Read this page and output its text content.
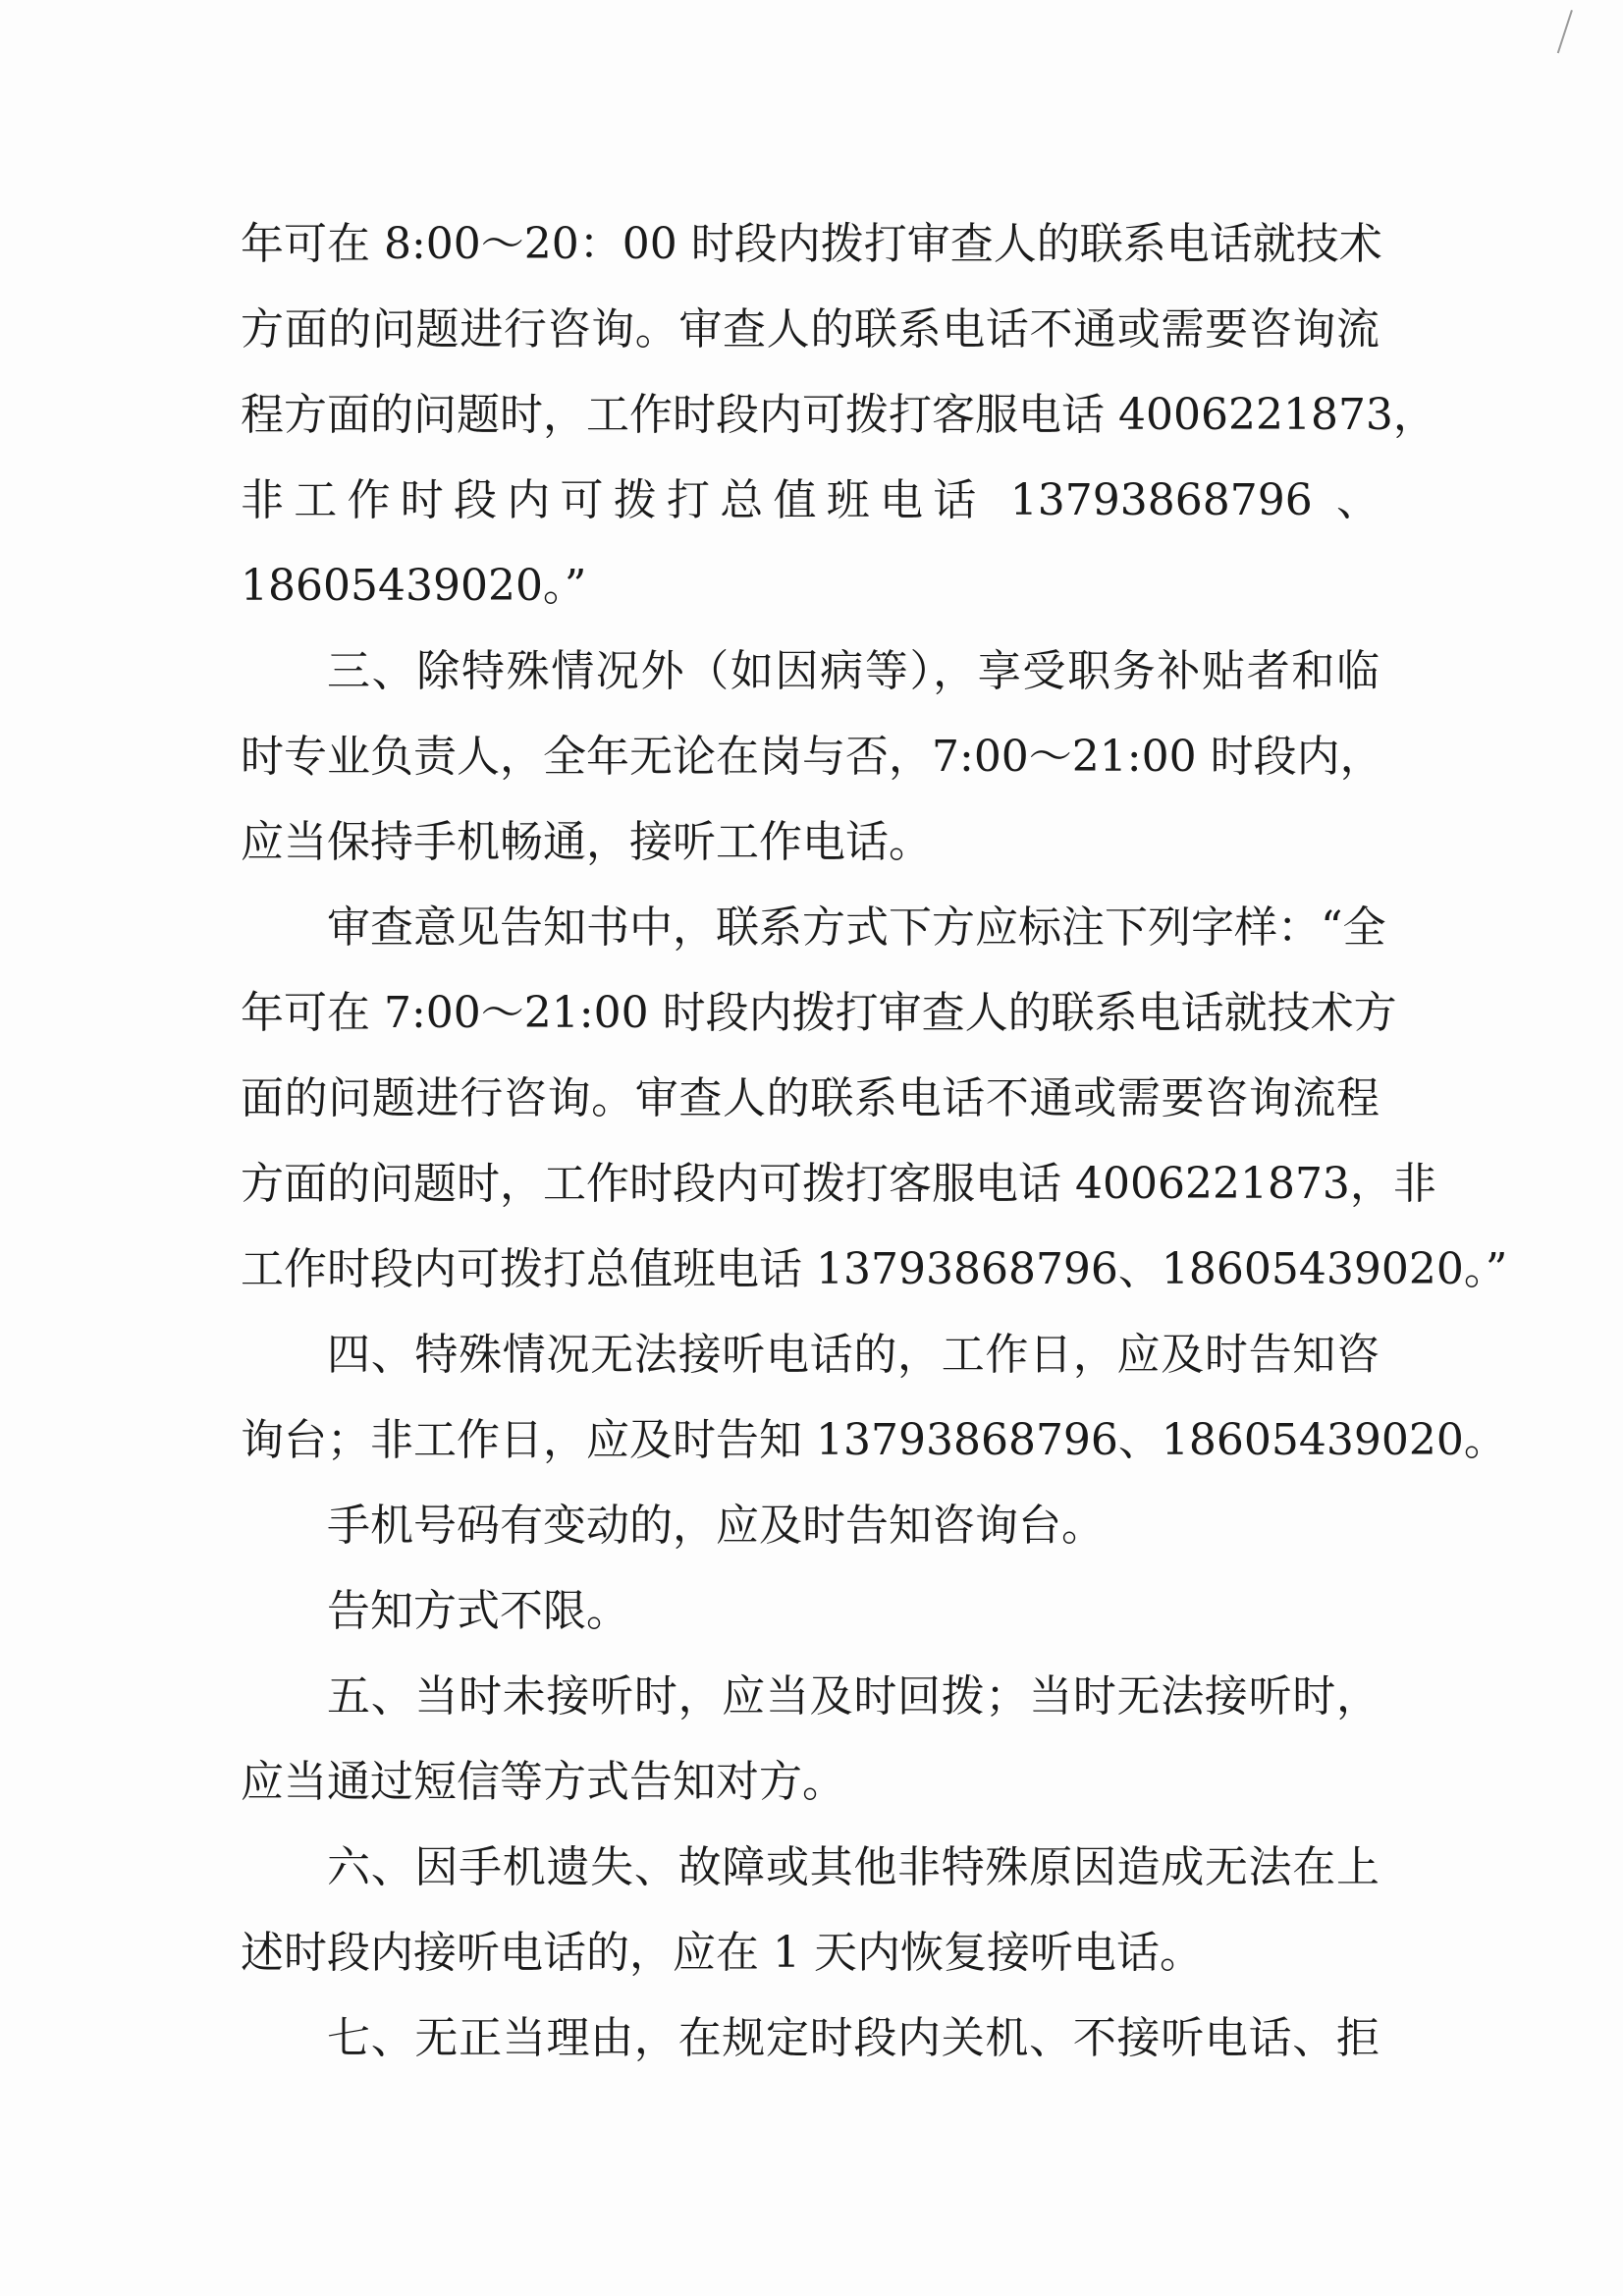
年可在 8:00～20：00 时段内拨打审查人的联系电话就技术
方面的问题进行咨询。审查人的联系电话不通或需要咨询流
程方面的问题时，工作时段内可拨打客服电话 4006221873，
非工作时段内可拨打总值班电话 13793868796 、
18605439020。”
三、除特殊情况外（如因病等），享受职务补贴者和临
时专业负责人，全年无论在岗与否，7:00～21:00 时段内，
应当保持手机畅通，接听工作电话。
审查意见告知书中，联系方式下方应标注下列字样：“全
年可在 7:00～21:00 时段内拨打审查人的联系电话就技术方
面的问题进行咨询。审查人的联系电话不通或需要咨询流程
方面的问题时，工作时段内可拨打客服电话 4006221873，非
工作时段内可拨打总值班电话 13793868796、18605439020。”
四、特殊情况无法接听电话的，工作日，应及时告知咨
询台；非工作日，应及时告知 13793868796、18605439020。
手机号码有变动的，应及时告知咨询台。
告知方式不限。
五、当时未接听时，应当及时回拨；当时无法接听时，
应当通过短信等方式告知对方。
六、因手机遗失、故障或其他非特殊原因造成无法在上
述时段内接听电话的，应在 1 天内恢复接听电话。
七、无正当理由，在规定时段内关机、不接听电话、拒
